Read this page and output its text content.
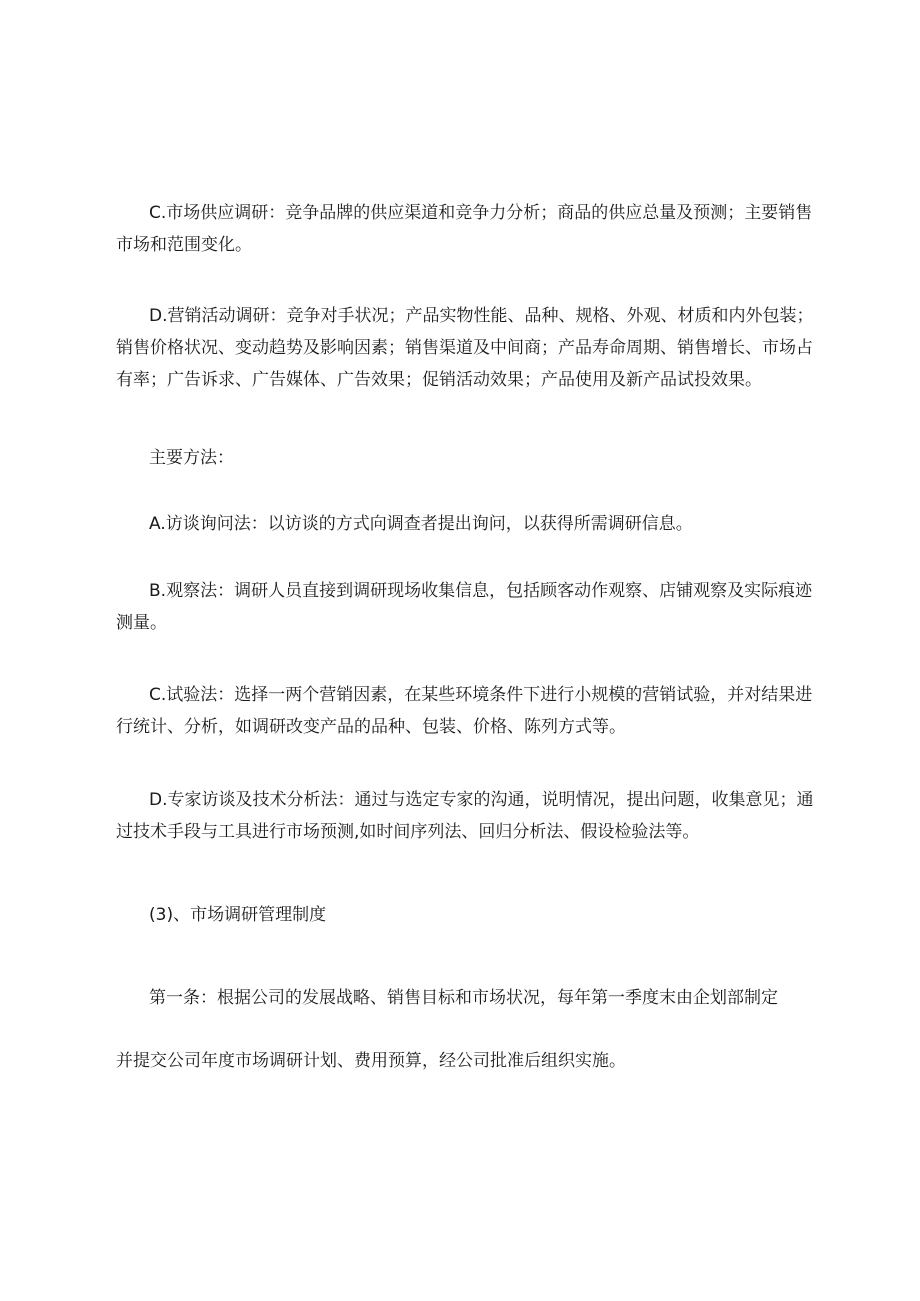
C.市场供应调研：竞争品牌的供应渠道和竞争力分析；商品的供应总量及预测；主要销售市场和范围变化。

D.营销活动调研：竞争对手状况；产品实物性能、品种、规格、外观、材质和内外包装；销售价格状况、变动趋势及影响因素；销售渠道及中间商；产品寿命周期、销售增长、市场占有率；广告诉求、广告媒体、广告效果；促销活动效果；产品使用及新产品试投效果。

主要方法：

A.访谈询问法：以访谈的方式向调查者提出询问，以获得所需调研信息。

B.观察法：调研人员直接到调研现场收集信息，包括顾客动作观察、店铺观察及实际痕迹测量。

C.试验法：选择一两个营销因素，在某些环境条件下进行小规模的营销试验，并对结果进行统计、分析，如调研改变产品的品种、包装、价格、陈列方式等。

D.专家访谈及技术分析法：通过与选定专家的沟通，说明情况，提出问题，收集意见；通过技术手段与工具进行市场预测,如时间序列法、回归分析法、假设检验法等。

(3)、市场调研管理制度

第一条：根据公司的发展战略、销售目标和市场状况，每年第一季度末由企划部制定

并提交公司年度市场调研计划、费用预算，经公司批准后组织实施。
